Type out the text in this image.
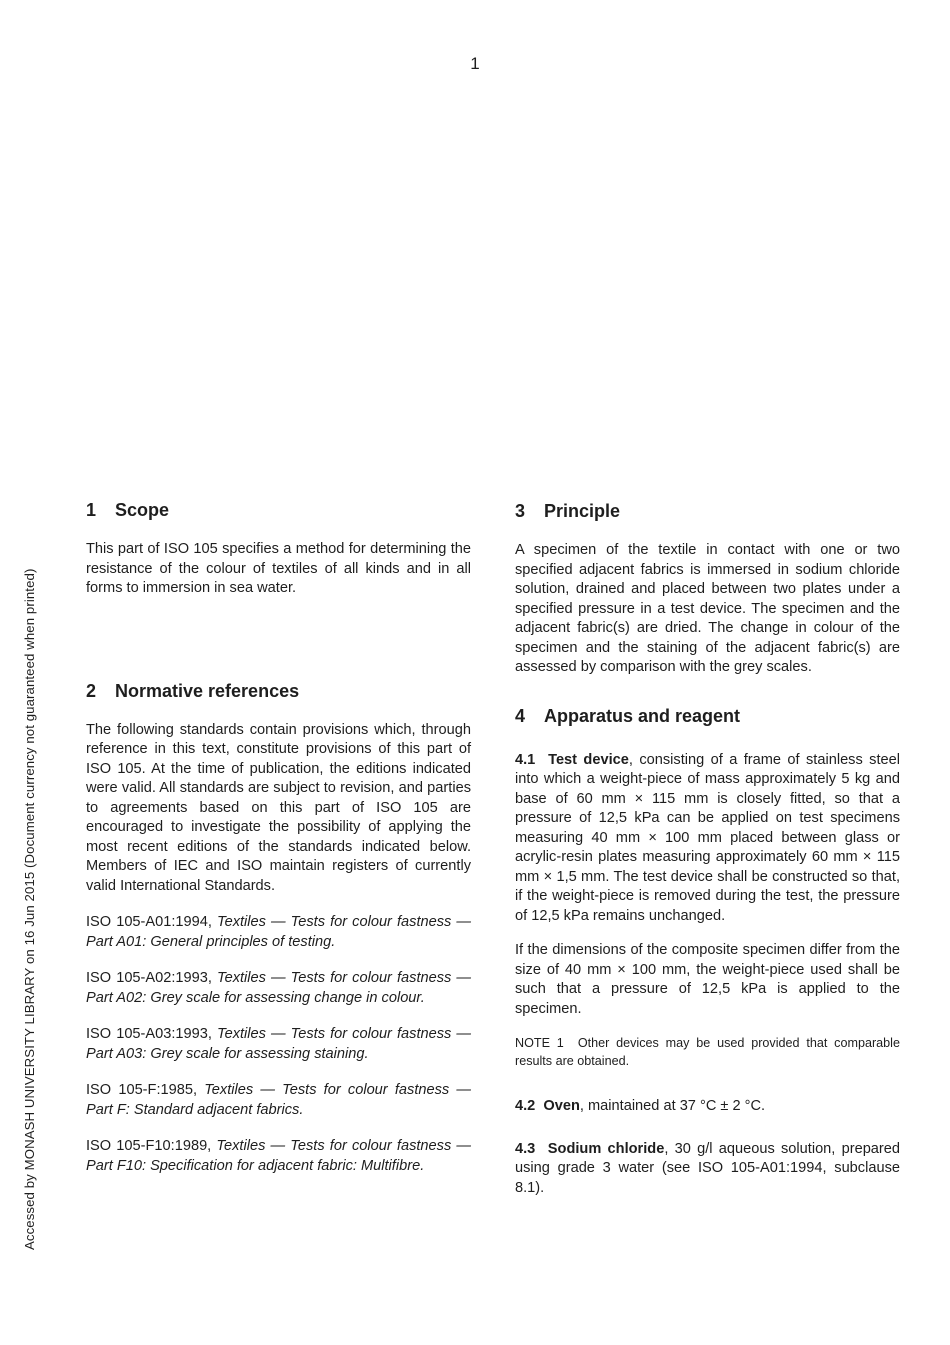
1
Accessed by MONASH UNIVERSITY LIBRARY on 16 Jun 2015 (Document currency not guaranteed when printed)
1 Scope

This part of ISO 105 specifies a method for determining the resistance of the colour of textiles of all kinds and in all forms to immersion in sea water.

2 Normative references

The following standards contain provisions which, through reference in this text, constitute provisions of this part of ISO 105. At the time of publication, the editions indicated were valid. All standards are subject to revision, and parties to agreements based on this part of ISO 105 are encouraged to investigate the possibility of applying the most recent editions of the standards indicated below. Members of IEC and ISO maintain registers of currently valid International Standards.

ISO 105-A01:1994, Textiles — Tests for colour fastness — Part A01: General principles of testing.

ISO 105-A02:1993, Textiles — Tests for colour fastness — Part A02: Grey scale for assessing change in colour.

ISO 105-A03:1993, Textiles — Tests for colour fastness — Part A03: Grey scale for assessing staining.

ISO 105-F:1985, Textiles — Tests for colour fastness — Part F: Standard adjacent fabrics.

ISO 105-F10:1989, Textiles — Tests for colour fastness — Part F10: Specification for adjacent fabric: Multifibre.

3 Principle

A specimen of the textile in contact with one or two specified adjacent fabrics is immersed in sodium chloride solution, drained and placed between two plates under a specified pressure in a test device. The specimen and the adjacent fabric(s) are dried. The change in colour of the specimen and the staining of the adjacent fabric(s) are assessed by comparison with the grey scales.

4 Apparatus and reagent

4.1 Test device, consisting of a frame of stainless steel into which a weight-piece of mass approximately 5 kg and base of 60 mm × 115 mm is closely fitted, so that a pressure of 12,5 kPa can be applied on test specimens measuring 40 mm × 100 mm placed between glass or acrylic-resin plates measuring approximately 60 mm × 115 mm × 1,5 mm. The test device shall be constructed so that, if the weight-piece is removed during the test, the pressure of 12,5 kPa remains unchanged.

If the dimensions of the composite specimen differ from the size of 40 mm × 100 mm, the weight-piece used shall be such that a pressure of 12,5 kPa is applied to the specimen.

NOTE 1 Other devices may be used provided that comparable results are obtained.

4.2 Oven, maintained at 37 °C ± 2 °C.

4.3 Sodium chloride, 30 g/l aqueous solution, prepared using grade 3 water (see ISO 105-A01:1994, subclause 8.1).
